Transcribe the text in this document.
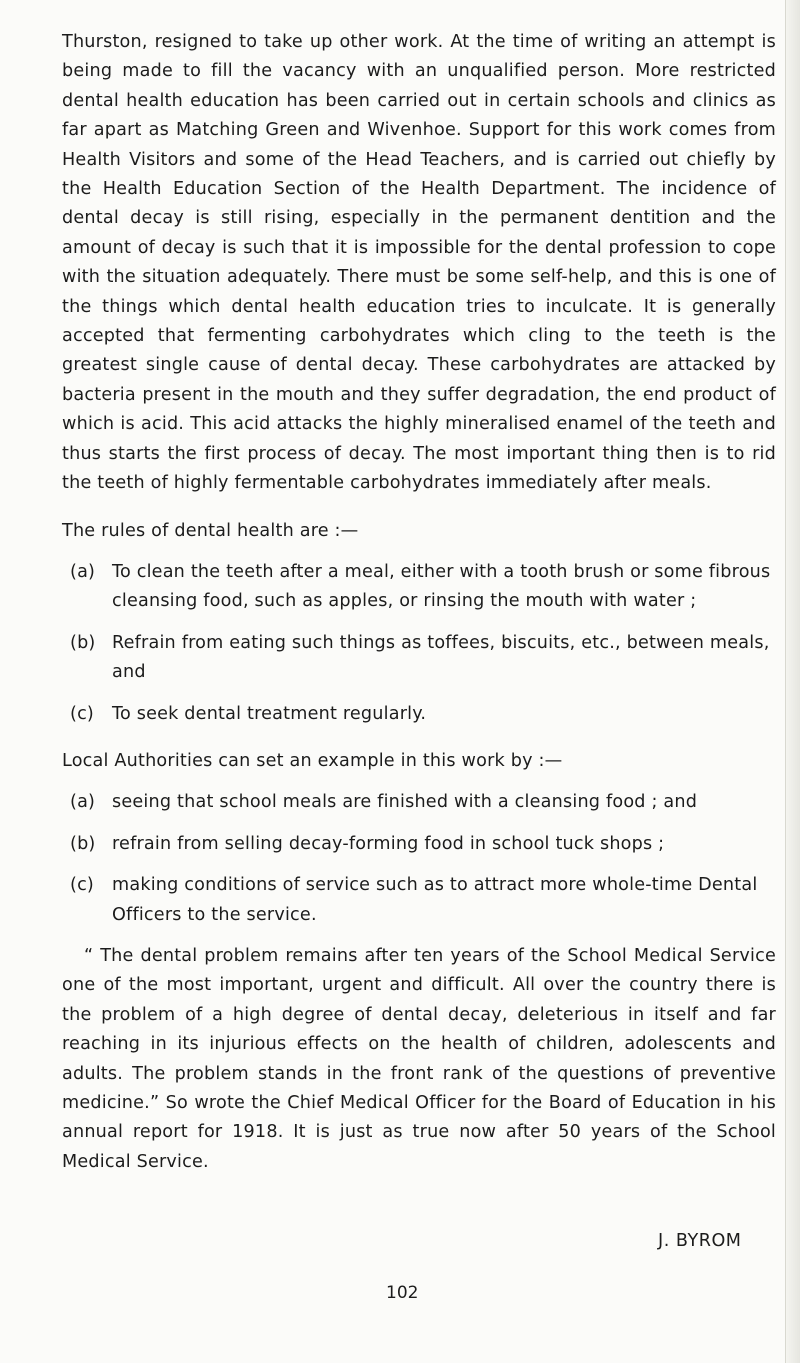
Thurston, resigned to take up other work. At the time of writing an attempt is being made to fill the vacancy with an unqualified person. More restricted dental health education has been carried out in certain schools and clinics as far apart as Matching Green and Wivenhoe. Support for this work comes from Health Visitors and some of the Head Teachers, and is carried out chiefly by the Health Education Section of the Health Department. The incidence of dental decay is still rising, especially in the permanent dentition and the amount of decay is such that it is impossible for the dental profession to cope with the situation adequately. There must be some self-help, and this is one of the things which dental health education tries to inculcate. It is generally accepted that fermenting carbohydrates which cling to the teeth is the greatest single cause of dental decay. These carbohydrates are attacked by bacteria present in the mouth and they suffer degradation, the end product of which is acid. This acid attacks the highly mineralised enamel of the teeth and thus starts the first process of decay. The most important thing then is to rid the teeth of highly fermentable carbohydrates immediately after meals.

The rules of dental health are :—

(a) To clean the teeth after a meal, either with a tooth brush or some fibrous cleansing food, such as apples, or rinsing the mouth with water ;
(b) Refrain from eating such things as toffees, biscuits, etc., between meals, and
(c)	To seek dental treatment regularly.

Local Authorities can set an example in this work by :—

(a) seeing that school meals are finished with a cleansing food ; and
(b) refrain from selling decay-forming food in school tuck shops ;
(c)	making conditions of service such as to attract more whole-time Dental Officers to the service.

“ The dental problem remains after ten years of the School Medical Service one of the most important, urgent and difficult. All over the country there is the problem of a high degree of dental decay, deleterious in itself and far reaching in its injurious effects on the health of children, adolescents and adults. The problem stands in the front rank of the questions of preventive medicine.” So wrote the Chief Medical Officer for the Board of Education in his annual report for 1918. It is just as true now after 50 years of the School Medical Service.

J. BYROM
102
